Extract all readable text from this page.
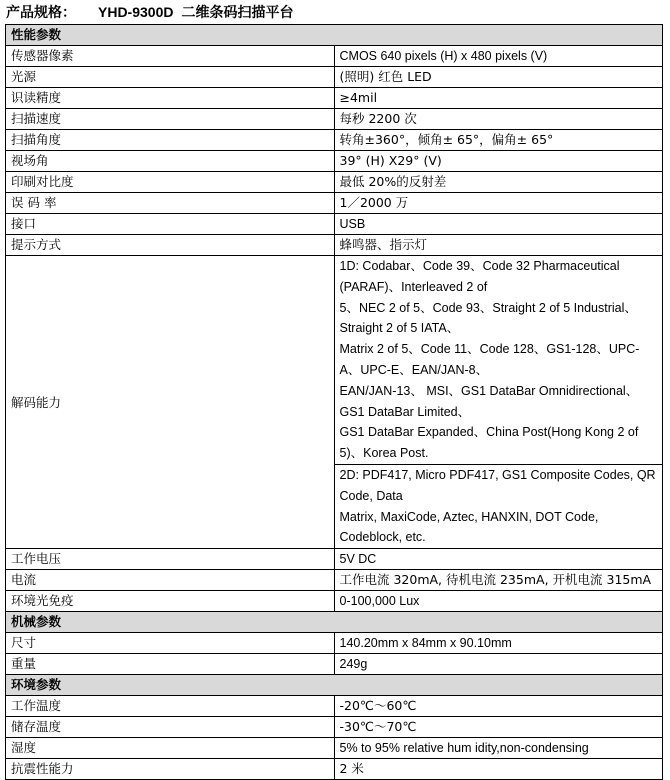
产品规格： YHD-9300D 二维条码扫描平台
性能参数	
传感器像素	CMOS 640 pixels (H) x 480 pixels (V)
光源	(照明) 红色 LED
识读精度	≥4mil
扫描速度	每秒 2200 次
扫描角度	转角±360°，倾角± 65°，偏角± 65°
视场角	39° (H) X29° (V)
印刷对比度	最低 20%的反射差
误 码 率	1／2000 万
接口	USB
提示方式	蜂鸣器、指示灯
解码能力	1D: Codabar、Code 39、Code 32 Pharmaceutical (PARAF)、Interleaved 2 of
5、NEC 2 of 5、Code 93、Straight 2 of 5 Industrial、Straight 2 of 5 IATA、
Matrix 2 of 5、Code 11、Code 128、GS1-128、UPC-A、UPC-E、EAN/JAN-8、
EAN/JAN-13、 MSI、GS1 DataBar Omnidirectional、GS1 DataBar Limited、
GS1 DataBar Expanded、China Post(Hong Kong 2 of 5)、Korea Post.

	2D: PDF417, Micro PDF417, GS1 Composite Codes, QR Code, Data
Matrix, MaxiCode, Aztec, HANXIN, DOT Code, Codeblock, etc.

工作电压	5V DC
电流	工作电流 320mA, 待机电流 235mA, 开机电流 315mA
环境光免疫	0-100,000 Lux
机械参数	
尺寸	140.20mm x 84mm x 90.10mm
重量	249g
环境参数	
工作温度	-20℃～60℃
储存温度	-30℃～70℃
湿度	5% to 95% relative hum idity,non-condensing
抗震性能力	2 米
